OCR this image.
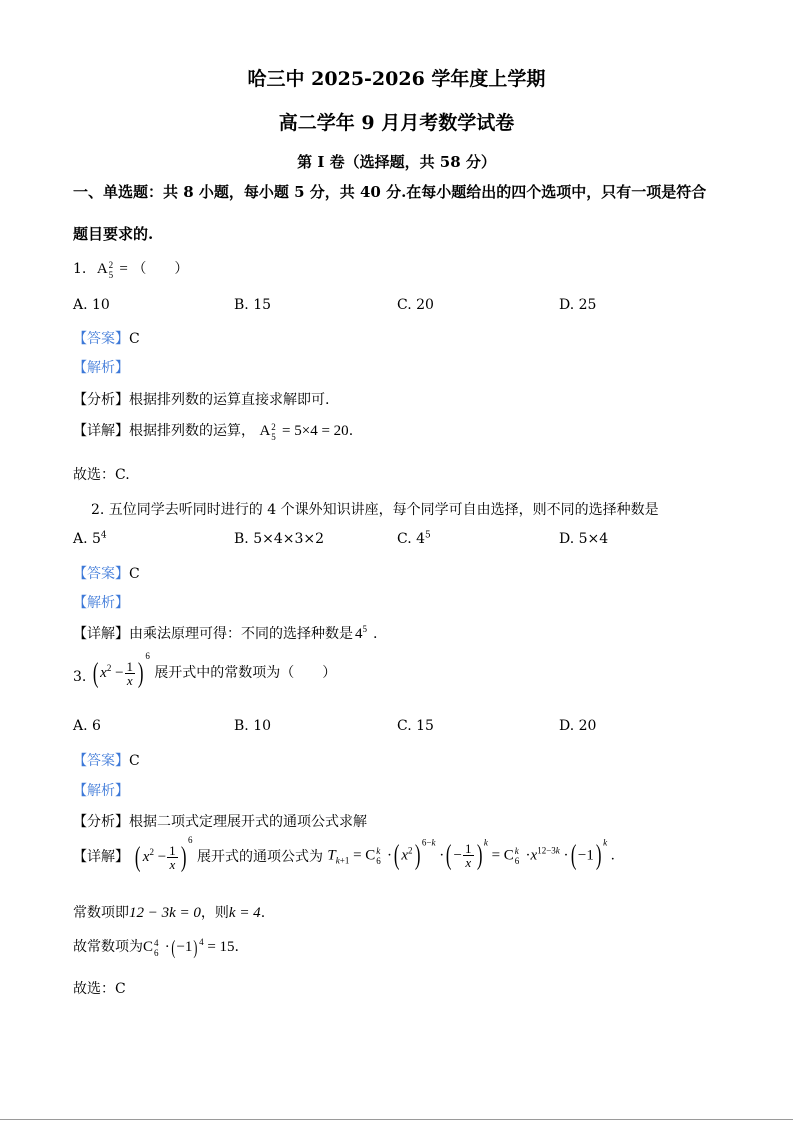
哈三中 2025-2026 学年度上学期
高二学年 9 月月考数学试卷
第 I 卷（选择题，共 58 分）
一、单选题：共 8 小题，每小题 5 分，共 40 分.在每小题给出的四个选项中，只有一项是符合
题目要求的.
1. A 2
5 = （　　）
A. 10	B. 15	C. 20	D. 25
【答案】C
【解析】
【分析】根据排列数的运算直接求解即可.
【详解】根据排列数的运算， A 2
5 = 5×4 = 20.
故选：C.
2. 五位同学去听同时进行的 4 个课外知识讲座，每个同学可自由选择，则不同的选择种数是
A. $5^4$	B. 5×4×3×2	C. $4^5$	D. 5×4
【答案】C
【解析】
【详解】由乘法原理可得：不同的选择种数是 $4^5$ .
3. ( $x^2 - \frac{1}{x} )^6$ 展开式中的常数项为（　　）
A. 6	B. 10	C. 15	D. 20
【答案】C
【解析】
【分析】根据二项式定理展开式的通项公式求解
【详解】 ( $x^2 - \frac{1}{x} )^6$ 展开式的通项公式为 $T_{k+1} = C$ k
6 ·( $x^2$) $^{6-k}$ ·( − $\frac{1}{x}$ ) $^k$ = C k
$6 \cdot x^{12-3k}$ ·( −1) $^k$ .
常数项即12 − 3k = 0，则k = 4.
故常数项为C 4
$6 \cdot(-1)^4 = 15$.
故选：C
